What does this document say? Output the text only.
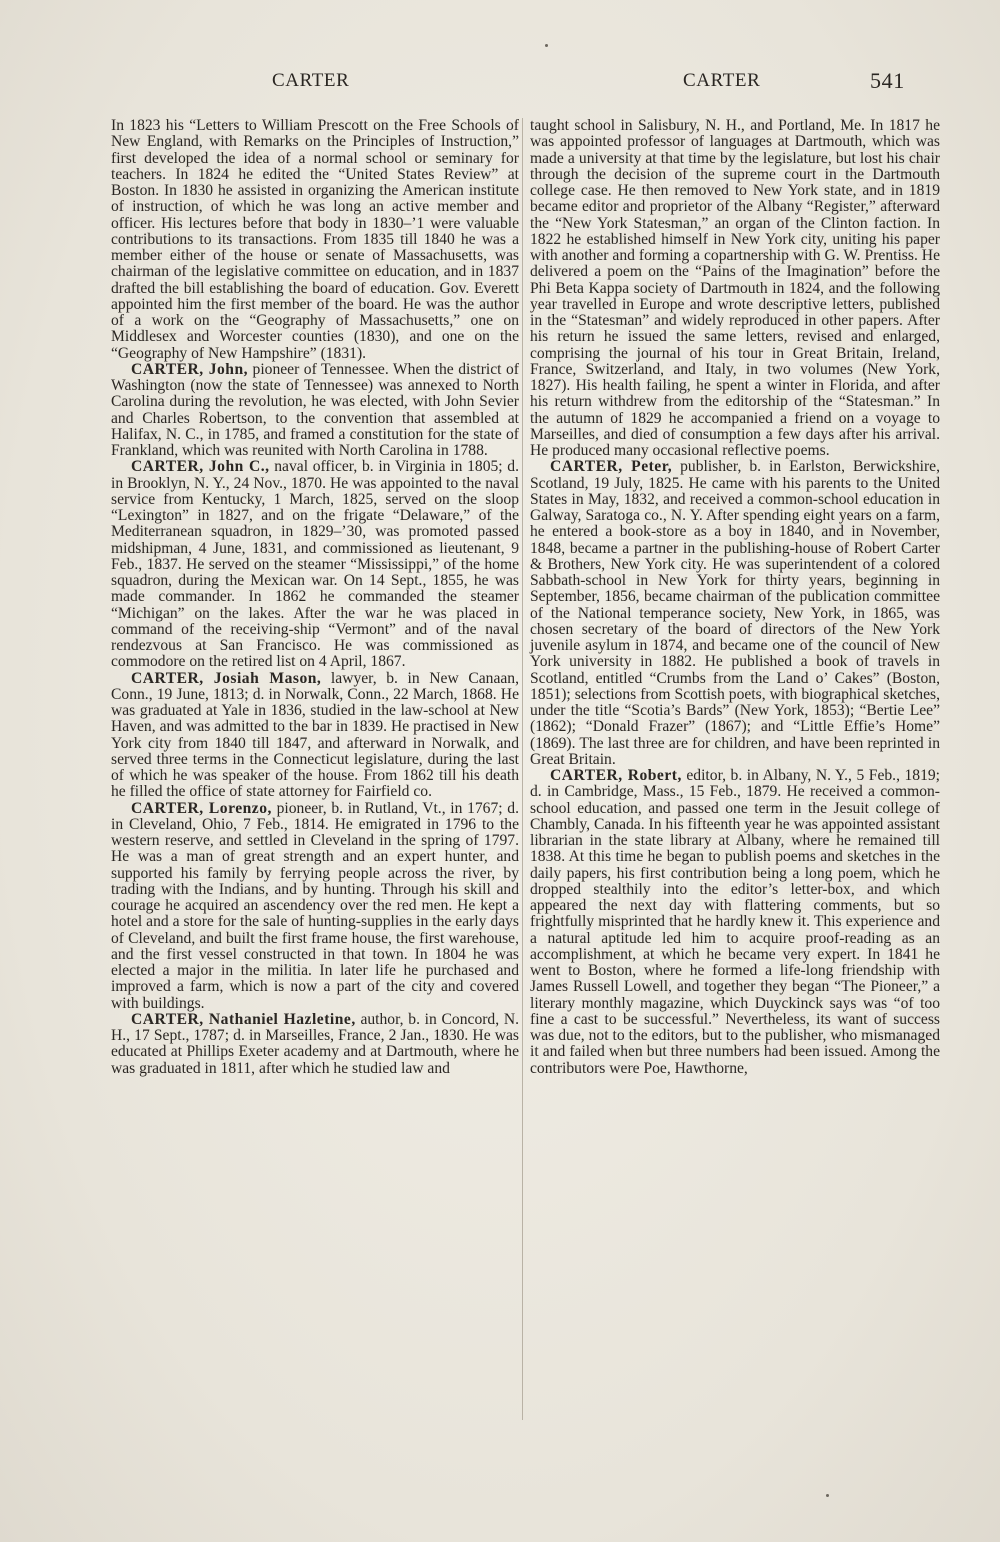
CARTER	CARTER	541

In 1823 his “Letters to William Prescott on the Free Schools of New England, with Remarks on the Principles of Instruction,” first developed the idea of a normal school or seminary for teachers. In 1824 he edited the “United States Review” at Boston. In 1830 he assisted in organizing the American institute of instruction, of which he was long an active member and officer. His lectures before that body in 1830–’1 were valuable contributions to its transactions. From 1835 till 1840 he was a member either of the house or senate of Massachusetts, was chairman of the legislative committee on education, and in 1837 drafted the bill establishing the board of education. Gov. Everett appointed him the first member of the board. He was the author of a work on the “Geography of Massachusetts,” one on Middlesex and Worcester counties (1830), and one on the “Geography of New Hampshire” (1831).

CARTER, John, pioneer of Tennessee. When the district of Washington (now the state of Tennessee) was annexed to North Carolina during the revolution, he was elected, with John Sevier and Charles Robertson, to the convention that assembled at Halifax, N. C., in 1785, and framed a constitution for the state of Frankland, which was reunited with North Carolina in 1788.

CARTER, John C., naval officer, b. in Virginia in 1805; d. in Brooklyn, N. Y., 24 Nov., 1870. He was appointed to the naval service from Kentucky, 1 March, 1825, served on the sloop “Lexington” in 1827, and on the frigate “Delaware,” of the Mediterranean squadron, in 1829–’30, was promoted passed midshipman, 4 June, 1831, and commissioned as lieutenant, 9 Feb., 1837. He served on the steamer “Mississippi,” of the home squadron, during the Mexican war. On 14 Sept., 1855, he was made commander. In 1862 he commanded the steamer “Michigan” on the lakes. After the war he was placed in command of the receiving-ship “Vermont” and of the naval rendezvous at San Francisco. He was commissioned as commodore on the retired list on 4 April, 1867.

CARTER, Josiah Mason, lawyer, b. in New Canaan, Conn., 19 June, 1813; d. in Norwalk, Conn., 22 March, 1868. He was graduated at Yale in 1836, studied in the law-school at New Haven, and was admitted to the bar in 1839. He practised in New York city from 1840 till 1847, and afterward in Norwalk, and served three terms in the Connecticut legislature, during the last of which he was speaker of the house. From 1862 till his death he filled the office of state attorney for Fairfield co.

CARTER, Lorenzo, pioneer, b. in Rutland, Vt., in 1767; d. in Cleveland, Ohio, 7 Feb., 1814. He emigrated in 1796 to the western reserve, and settled in Cleveland in the spring of 1797. He was a man of great strength and an expert hunter, and supported his family by ferrying people across the river, by trading with the Indians, and by hunting. Through his skill and courage he acquired an ascendency over the red men. He kept a hotel and a store for the sale of hunting-supplies in the early days of Cleveland, and built the first frame house, the first warehouse, and the first vessel constructed in that town. In 1804 he was elected a major in the militia. In later life he purchased and improved a farm, which is now a part of the city and covered with buildings.

CARTER, Nathaniel Hazletine, author, b. in Concord, N. H., 17 Sept., 1787; d. in Marseilles, France, 2 Jan., 1830. He was educated at Phillips Exeter academy and at Dartmouth, where he was graduated in 1811, after which he studied law and

taught school in Salisbury, N. H., and Portland, Me. In 1817 he was appointed professor of languages at Dartmouth, which was made a university at that time by the legislature, but lost his chair through the decision of the supreme court in the Dartmouth college case. He then removed to New York state, and in 1819 became editor and proprietor of the Albany “Register,” afterward the “New York Statesman,” an organ of the Clinton faction. In 1822 he established himself in New York city, uniting his paper with another and forming a copartnership with G. W. Prentiss. He delivered a poem on the “Pains of the Imagination” before the Phi Beta Kappa society of Dartmouth in 1824, and the following year travelled in Europe and wrote descriptive letters, published in the “Statesman” and widely reproduced in other papers. After his return he issued the same letters, revised and enlarged, comprising the journal of his tour in Great Britain, Ireland, France, Switzerland, and Italy, in two volumes (New York, 1827). His health failing, he spent a winter in Florida, and after his return withdrew from the editorship of the “Statesman.” In the autumn of 1829 he accompanied a friend on a voyage to Marseilles, and died of consumption a few days after his arrival. He produced many occasional reflective poems.

CARTER, Peter, publisher, b. in Earlston, Berwickshire, Scotland, 19 July, 1825. He came with his parents to the United States in May, 1832, and received a common-school education in Galway, Saratoga co., N. Y. After spending eight years on a farm, he entered a book-store as a boy in 1840, and in November, 1848, became a partner in the publishing-house of Robert Carter & Brothers, New York city. He was superintendent of a colored Sabbath-school in New York for thirty years, beginning in September, 1856, became chairman of the publication committee of the National temperance society, New York, in 1865, was chosen secretary of the board of directors of the New York juvenile asylum in 1874, and became one of the council of New York university in 1882. He published a book of travels in Scotland, entitled “Crumbs from the Land o’ Cakes” (Boston, 1851); selections from Scottish poets, with biographical sketches, under the title “Scotia’s Bards” (New York, 1853); “Bertie Lee” (1862); “Donald Frazer” (1867); and “Little Effie’s Home” (1869). The last three are for children, and have been reprinted in Great Britain.

CARTER, Robert, editor, b. in Albany, N. Y., 5 Feb., 1819; d. in Cambridge, Mass., 15 Feb., 1879. He received a common-school education, and passed one term in the Jesuit college of Chambly, Canada. In his fifteenth year he was appointed assistant librarian in the state library at Albany, where he remained till 1838. At this time he began to publish poems and sketches in the daily papers, his first contribution being a long poem, which he dropped stealthily into the editor’s letter-box, and which appeared the next day with flattering comments, but so frightfully misprinted that he hardly knew it. This experience and a natural aptitude led him to acquire proof-reading as an accomplishment, at which he became very expert. In 1841 he went to Boston, where he formed a life-long friendship with James Russell Lowell, and together they began “The Pioneer,” a literary monthly magazine, which Duyckinck says was “of too fine a cast to be successful.” Nevertheless, its want of success was due, not to the editors, but to the publisher, who mismanaged it and failed when but three numbers had been issued. Among the contributors were Poe, Hawthorne,
